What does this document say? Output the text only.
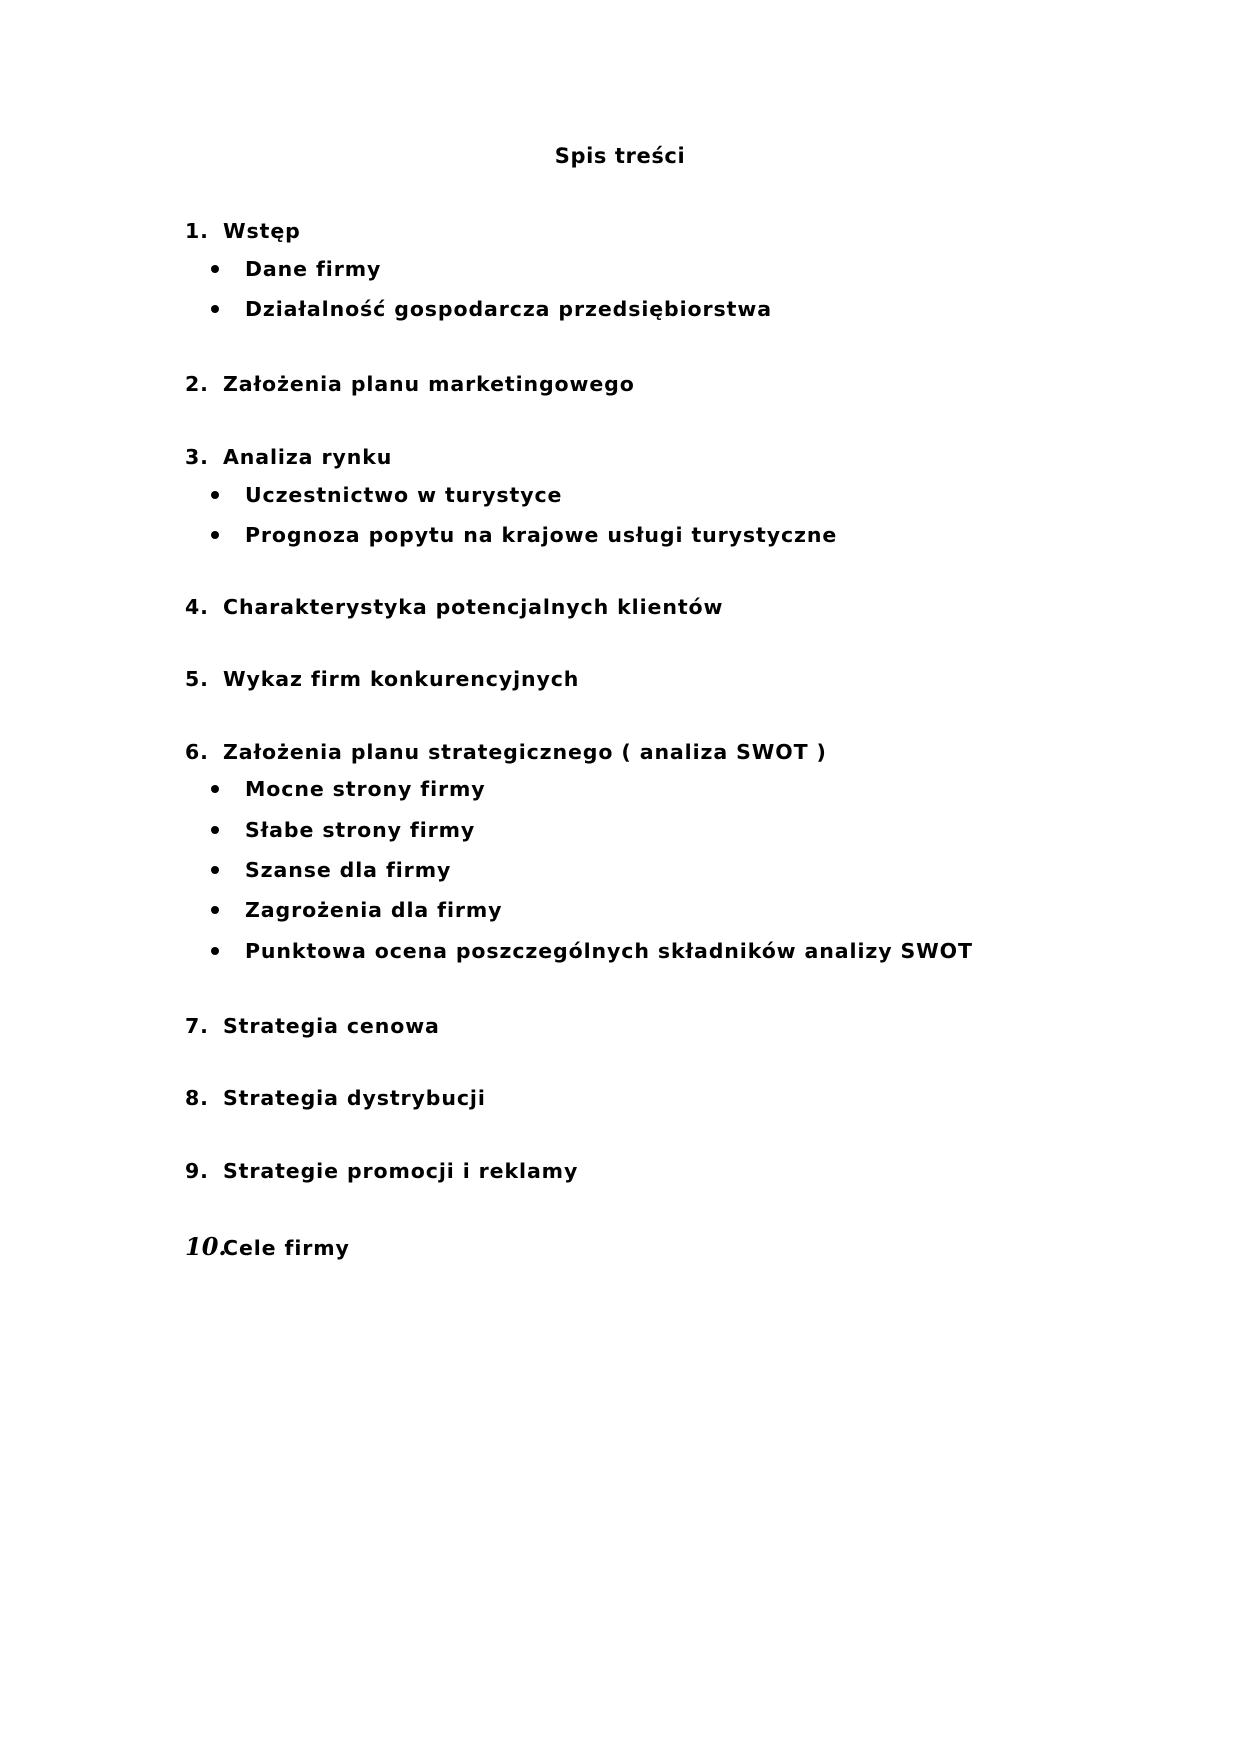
Spis treści
1. Wstęp
Dane firmy
Działalność gospodarcza przedsiębiorstwa
2. Założenia planu marketingowego
3. Analiza rynku
Uczestnictwo w turystyce
Prognoza popytu na krajowe usługi turystyczne
4. Charakterystyka potencjalnych klientów
5. Wykaz firm konkurencyjnych
6. Założenia planu strategicznego ( analiza SWOT )
Mocne strony firmy
Słabe strony firmy
Szanse dla firmy
Zagrożenia dla firmy
Punktowa ocena poszczególnych składników analizy SWOT
7. Strategia cenowa
8. Strategia dystrybucji
9. Strategie promocji i reklamy
10.Cele firmy
